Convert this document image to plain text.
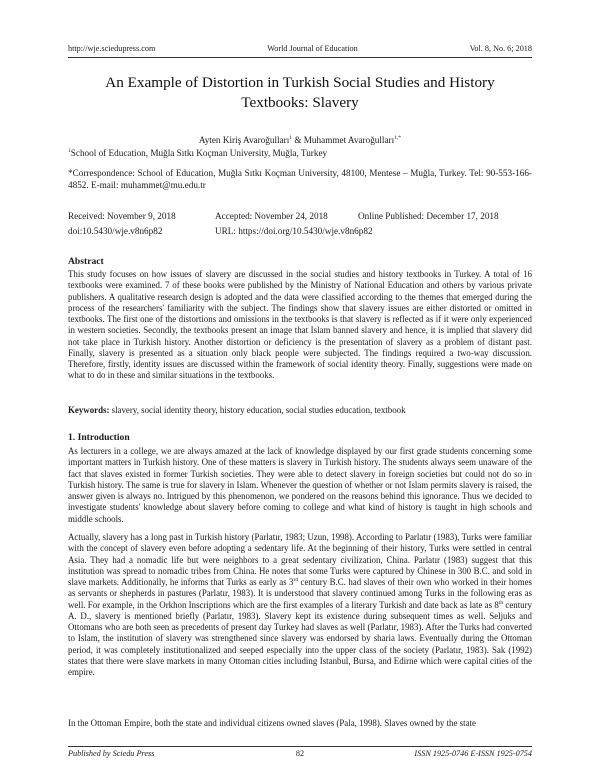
http://wje.sciedupress.com	World Journal of Education	Vol. 8, No. 6; 2018
An Example of Distortion in Turkish Social Studies and History Textbooks: Slavery
Ayten Kiriş Avaroğulları$^1$ & Muhammet Avaroğulları$^{1,*}$
$^1$School of Education, Muğla Sıtkı Koçman University, Muğla, Turkey
*Correspondence: School of Education, Muğla Sıtkı Koçman University, 48100, Mentese – Muğla, Turkey. Tel: 90-553-166-4852. E-mail: muhammet@mu.edu.tr
Received: November 9, 2018	Accepted: November 24, 2018	Online Published: December 17, 2018
doi:10.5430/wje.v8n6p82	URL: https://doi.org/10.5430/wje.v8n6p82
Abstract

This study focuses on how issues of slavery are discussed in the social studies and history textbooks in Turkey. A total of 16 textbooks were examined. 7 of these books were published by the Ministry of National Education and others by various private publishers. A qualitative research design is adopted and the data were classified according to the themes that emerged during the process of the researchers' familiarity with the subject. The findings show that slavery issues are either distorted or omitted in textbooks. The first one of the distortions and omissions in the textbooks is that slavery is reflected as if it were only experienced in western societies. Secondly, the textbooks present an image that Islam banned slavery and hence, it is implied that slavery did not take place in Turkish history. Another distortion or deficiency is the presentation of slavery as a problem of distant past. Finally, slavery is presented as a situation only black people were subjected. The findings required a two-way discussion. Therefore, firstly, identity issues are discussed within the framework of social identity theory. Finally, suggestions were made on what to do in these and similar situations in the textbooks.

Keywords: slavery, social identity theory, history education, social studies education, textbook
1. Introduction

As lecturers in a college, we are always amazed at the lack of knowledge displayed by our first grade students concerning some important matters in Turkish history. One of these matters is slavery in Turkish history. The students always seem unaware of the fact that slaves existed in former Turkish societies. They were able to detect slavery in foreign societies but could not do so in Turkish history. The same is true for slavery in Islam. Whenever the question of whether or not Islam permits slavery is raised, the answer given is always no. Intrigued by this phenomenon, we pondered on the reasons behind this ignorance. Thus we decided to investigate students' knowledge about slavery before coming to college and what kind of history is taught in high schools and middle schools.

Actually, slavery has a long past in Turkish history (Parlatır, 1983; Uzun, 1998). According to Parlatır (1983), Turks were familiar with the concept of slavery even before adopting a sedentary life. At the beginning of their history, Turks were settled in central Asia. They had a nomadic life but were neighbors to a great sedentary civilization, China. Parlatır (1983) suggest that this institution was spread to nomadic tribes from China. He notes that some Turks were captured by Chinese in 300 B.C. and sold in slave markets. Additionally, he informs that Turks as early as 3rd century B.C. had slaves of their own who worked in their homes as servants or shepherds in pastures (Parlatır, 1983). It is understood that slavery continued among Turks in the following eras as well. For example, in the Orkhon Inscriptions which are the first examples of a literary Turkish and date back as late as 8th century A. D., slavery is mentioned briefly (Parlatır, 1983). Slavery kept its existence during subsequent times as well. Seljuks and Ottomans who are both seen as precedents of present day Turkey had slaves as well (Parlatır, 1983). After the Turks had converted to Islam, the institution of slavery was strengthened since slavery was endorsed by sharia laws. Eventually during the Ottoman period, it was completely institutionalized and seeped especially into the upper class of the society (Parlatır, 1983). Sak (1992) states that there were slave markets in many Ottoman cities including Istanbul, Bursa, and Edirne which were capital cities of the empire.

In the Ottoman Empire, both the state and individual citizens owned slaves (Pala, 1998). Slaves owned by the state

Published by Sciedu Press	82	ISSN 1925-0746 E-ISSN 1925-0754
